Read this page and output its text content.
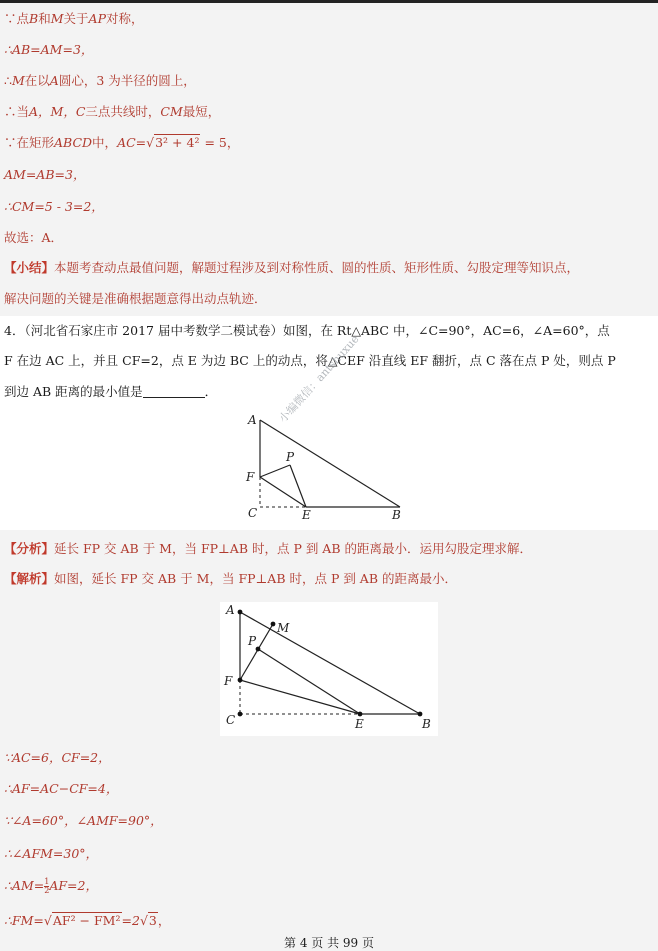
∵点B和M关于AP对称，
∴AB=AM=3，
∴M在以A圆心，3 为半径的圆上，
∴当A，M，C三点共线时，CM最短，
∵在矩形ABCD中，AC=√3² + 4² = 5，
AM=AB=3，
∴CM=5 - 3=2，
故选：A．
【小结】本题考查动点最值问题，解题过程涉及到对称性质、圆的性质、矩形性质、勾股定理等知识点，
解决问题的关键是准确根据题意得出动点轨迹．
4．（河北省石家庄市 2017 届中考数学二模试卷）如图，在 Rt△ABC 中，∠C=90°，AC=6，∠A=60°，点
F 在边 AC 上，并且 CF=2，点 E 为边 BC 上的动点，将△CEF 沿直线 EF 翻折，点 C 落在点 P 处，则点 P
到边 AB 距离的最小值是	．
A
F
P
C	E	B
小编微信：antshuxue
【分析】延长 FP 交 AB 于 M，当 FP⊥AB 时，点 P 到 AB 的距离最小．运用勾股定理求解．
【解析】如图，延长 FP 交 AB 于 M，当 FP⊥AB 时，点 P 到 AB 的距离最小．
A
M
P
F
C	E	B
∵AC=6，CF=2，
∴AF=AC−CF=4，
∵∠A=60°，∠AMF=90°，
∴∠AFM=30°，
∴AM= $\frac{1}{2} AF=2$，
∴FM=√AF² − FM²=2√3，
第 4 页 共 99 页
